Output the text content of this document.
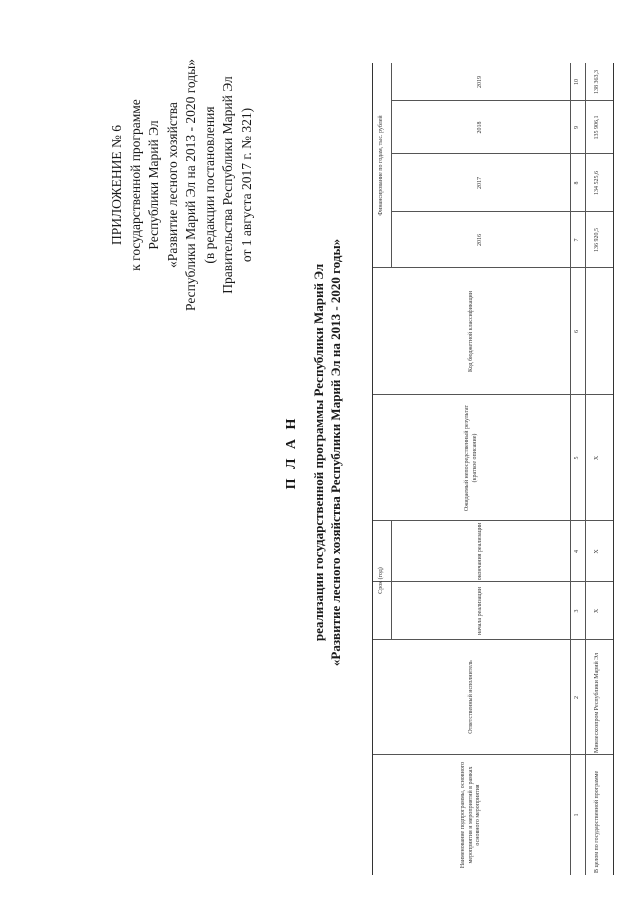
ПРИЛОЖЕНИЕ № 6 к государственной программе Республики Марий Эл «Развитие лесного хозяйства Республики Марий Эл на 2013 - 2020 годы» (в редакции постановления Правительства Республики Марий Эл от 1 августа 2017 г. № 321)
П Л А Н реализации государственной программы Республики Марий Эл «Развитие лесного хозяйства Республики Марий Эл на 2013 - 2020 годы»
Наименование подпрограммы, основного мероприятия и мероприятий в рамках основного мероприятия
Ответственный исполнитель
Срок (год)
начала реализации
окончания реализации
Ожидаемый непосредственный результат (краткое описание)
Код бюджетной классификации
Финансирование по годам, тыс. рублей
2016
2017
2018
2019
1
2
3
4
5
6
7
8
9
10
В целом по государственной программе
Минлесхозпром Республики Марий Эл
X
X
X
136 920,5
134 525,6
135 906,1
138 363,3
